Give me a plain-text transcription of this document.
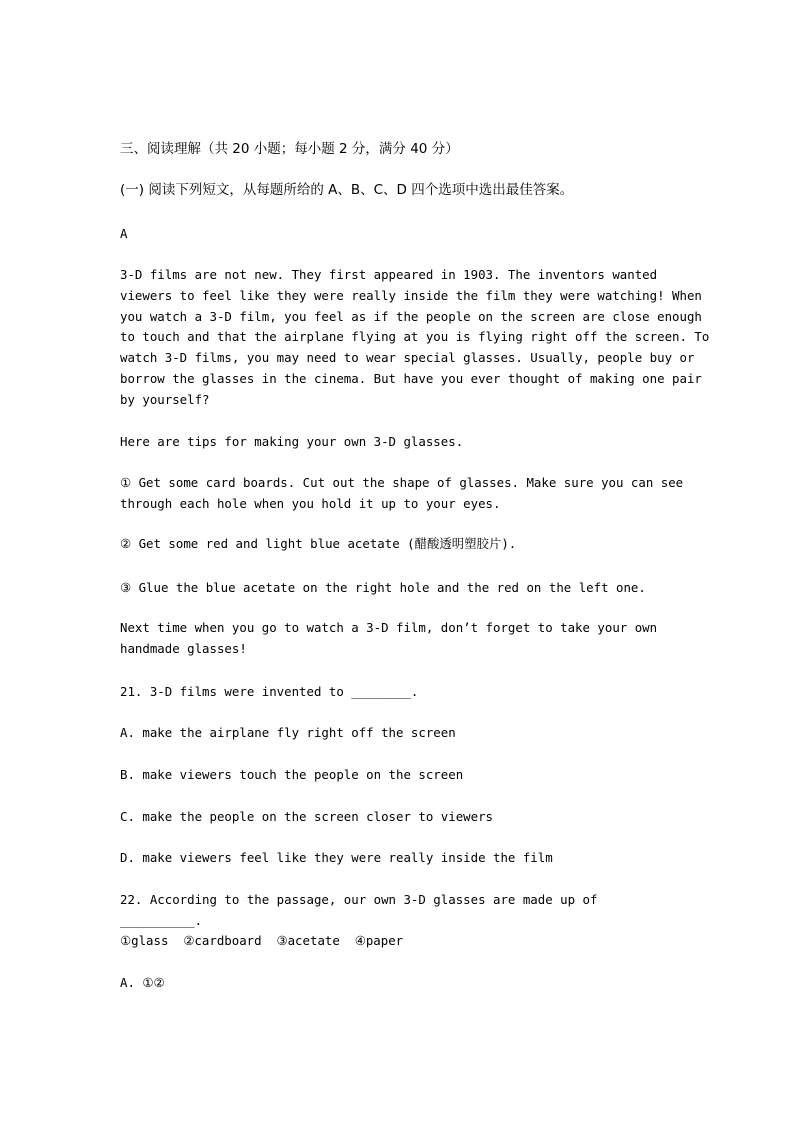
三、阅读理解（共 20 小题；每小题 2 分，满分 40 分）
(一) 阅读下列短文，从每题所给的 A、B、C、D 四个选项中选出最佳答案。
A
3-D films are not new. They first appeared in 1903. The inventors wanted
viewers to feel like they were really inside the film they were watching! When
you watch a 3-D film, you feel as if the people on the screen are close enough
to touch and that the airplane flying at you is flying right off the screen. To
watch 3-D films, you may need to wear special glasses. Usually, people buy or
borrow the glasses in the cinema. But have you ever thought of making one pair
by yourself?
Here are tips for making your own 3-D glasses.
① Get some card boards. Cut out the shape of glasses. Make sure you can see
through each hole when you hold it up to your eyes.
② Get some red and light blue acetate (醋酸透明塑胶片).
③ Glue the blue acetate on the right hole and the red on the left one.
Next time when you go to watch a 3-D film, don’t forget to take your own
handmade glasses!
21. 3-D films were invented to ________.
A. make the airplane fly right off the screen
B. make viewers touch the people on the screen
C. make the people on the screen closer to viewers
D. make viewers feel like they were really inside the film
22. According to the passage, our own 3-D glasses are made up of __________.
①glass  ②cardboard  ③acetate  ④paper
A. ①②
